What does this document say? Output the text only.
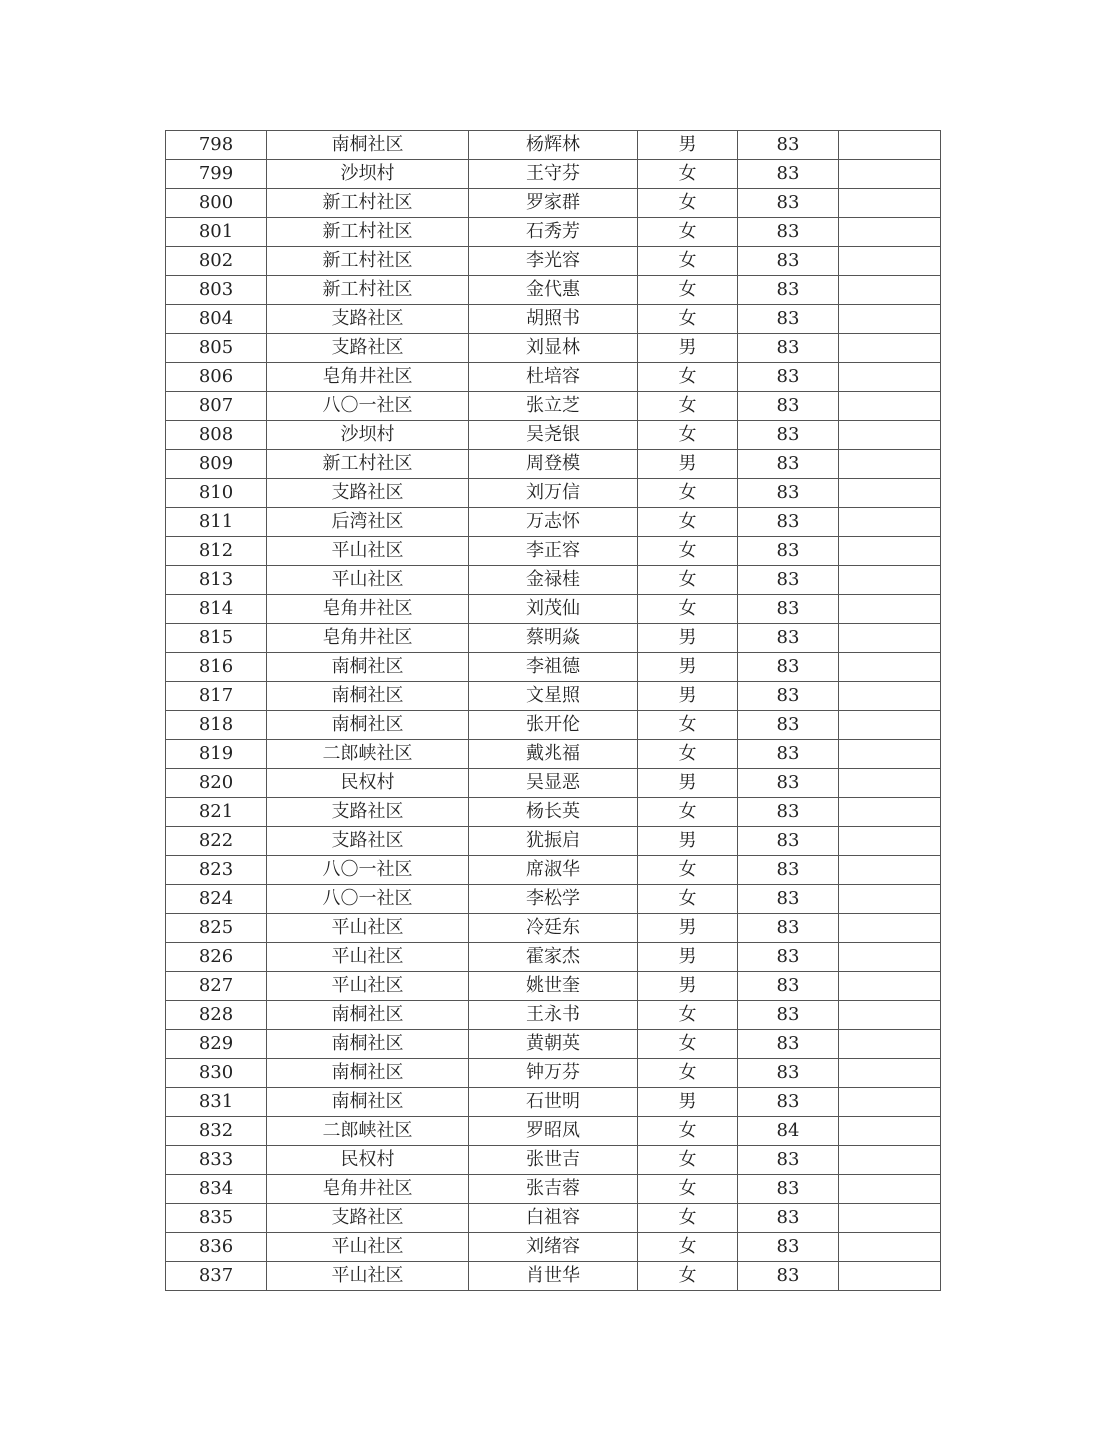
798	南桐社区	杨辉林	男	83	
799	沙坝村	王守芬	女	83	
800	新工村社区	罗家群	女	83	
801	新工村社区	石秀芳	女	83	
802	新工村社区	李光容	女	83	
803	新工村社区	金代惠	女	83	
804	支路社区	胡照书	女	83	
805	支路社区	刘显林	男	83	
806	皂角井社区	杜培容	女	83	
807	八〇一社区	张立芝	女	83	
808	沙坝村	吴尧银	女	83	
809	新工村社区	周登模	男	83	
810	支路社区	刘万信	女	83	
811	后湾社区	万志怀	女	83	
812	平山社区	李正容	女	83	
813	平山社区	金禄桂	女	83	
814	皂角井社区	刘茂仙	女	83	
815	皂角井社区	蔡明焱	男	83	
816	南桐社区	李祖德	男	83	
817	南桐社区	文星照	男	83	
818	南桐社区	张开伦	女	83	
819	二郎峡社区	戴兆福	女	83	
820	民权村	吴显恶	男	83	
821	支路社区	杨长英	女	83	
822	支路社区	犹振启	男	83	
823	八〇一社区	席淑华	女	83	
824	八〇一社区	李松学	女	83	
825	平山社区	冷廷东	男	83	
826	平山社区	霍家杰	男	83	
827	平山社区	姚世奎	男	83	
828	南桐社区	王永书	女	83	
829	南桐社区	黄朝英	女	83	
830	南桐社区	钟万芬	女	83	
831	南桐社区	石世明	男	83	
832	二郎峡社区	罗昭凤	女	84	
833	民权村	张世吉	女	83	
834	皂角井社区	张吉蓉	女	83	
835	支路社区	白祖容	女	83	
836	平山社区	刘绪容	女	83	
837	平山社区	肖世华	女	83	
